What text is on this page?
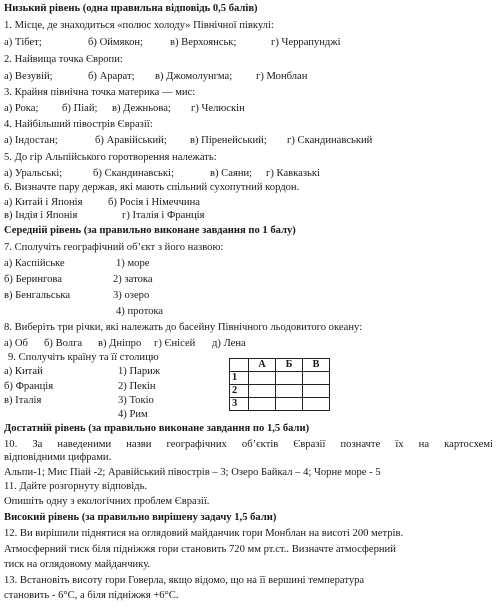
Низький рівень (одна правильна відповідь 0,5 балів)
1. Місце, де знаходиться «полюс холоду» Північної півкулі:
а) Тібет;	б) Оймякон;	в) Верхоянськ;	г) Черрапунджі
2. Найвища точка Європи:
а) Везувій;	б) Арарат; в) Джомолунгма; г) Монблан
3. Крайня північна точка материка — мис:
а) Рока; б) Піай; в) Дежньова; г) Челюскін
4. Найбільший півострів Євразії:
а) Індостан;	б) Аравійський; в) Піренейський; г) Скандинавський
5. До гір Альпійського горотворення належать:
а) Уральські;	б) Скандинавські;	в) Саяни; г) Кавказькі
6. Визначте пару держав, які мають спільний сухопутний кордон.
а) Китай і Японія б) Росія і Німеччина
в) Індія і Японія	г) Італія і Франція
Середній рівень (за правильно виконане завдання по 1 балу)
7. Сполучіть географічний об’єкт з його назвою:
а) Каспійське
б) Берингова
в) Бенгальська
1) море
2) затока
3) озеро
4) протока
8. Виберіть три річки, які належать до басейну Північного льодовитого океану:
а) Об б) Волга в) Дніпро г) Єнісей д) Лена
9. Сполучіть країну та її столицю
а) Китай
б) Франція
в) Італія
1) Париж
2) Пекін
3) Токіо
4) Рим
	А	Б	В
1			
2			
3			
Достатній рівень (за правильно виконане завдання по 1,5 бали)
10. За наведеними назви географічних об’єктів Євразії позначте їх на картосхемі
відповідними цифрами.
Альпи-1; Мис Піай -2; Аравійський півострів – 3; Озеро Байкал – 4; Чорне море - 5
11. Дайте розгорнуту відповідь.
Опишіть одну з екологічних проблем Євразії.
Високий рівень (за правильно вирішену задачу 1,5 бали)
12. Ви вирішили піднятися на оглядовий майданчик гори Монблан на висоті 200 метрів.
Атмосферний тиск біля підніжжя гори становить 720 мм рт.ст.. Визначте атмосферний
тиск на оглядовому майданчику.
13. Встановіть висоту гори Говерла, якщо відомо, що на її вершині температура
становить - 6°С, а біля підніжжя +6°С.
